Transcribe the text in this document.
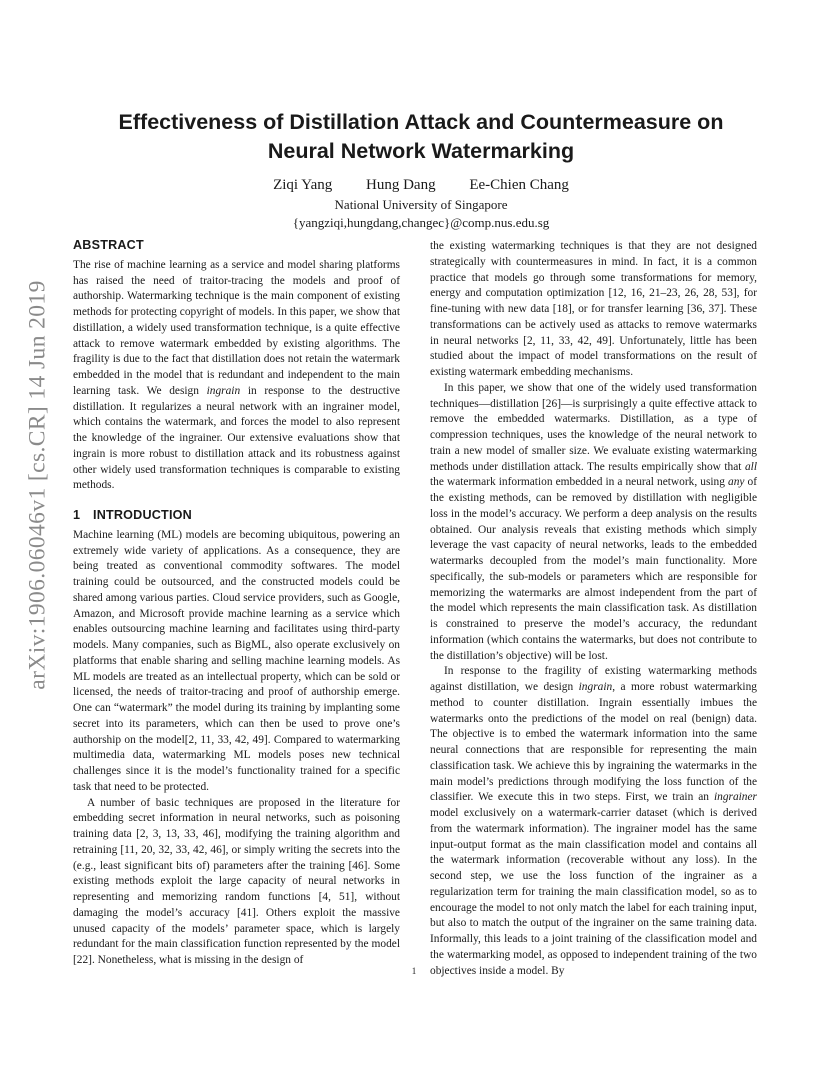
arXiv:1906.06046v1 [cs.CR] 14 Jun 2019
Effectiveness of Distillation Attack and Countermeasure on
Neural Network Watermarking
Ziqi Yang Hung Dang Ee-Chien Chang
National University of Singapore
{yangziqi,hungdang,changec}@comp.nus.edu.sg
ABSTRACT

The rise of machine learning as a service and model sharing platforms has raised the need of traitor-tracing the models and proof of authorship. Watermarking technique is the main component of existing methods for protecting copyright of models. In this paper, we show that distillation, a widely used transformation technique, is a quite effective attack to remove watermark embedded by existing algorithms. The fragility is due to the fact that distillation does not retain the watermark embedded in the model that is redundant and independent to the main learning task. We design ingrain in response to the destructive distillation. It regularizes a neural network with an ingrainer model, which contains the watermark, and forces the model to also represent the knowledge of the ingrainer. Our extensive evaluations show that ingrain is more robust to distillation attack and its robustness against other widely used transformation techniques is comparable to existing methods.

1 INTRODUCTION

Machine learning (ML) models are becoming ubiquitous, powering an extremely wide variety of applications. As a consequence, they are being treated as conventional commodity softwares. The model training could be outsourced, and the constructed models could be shared among various parties. Cloud service providers, such as Google, Amazon, and Microsoft provide machine learning as a service which enables outsourcing machine learning and facilitates using third-party models. Many companies, such as BigML, also operate exclusively on platforms that enable sharing and selling machine learning models. As ML models are treated as an intellectual property, which can be sold or licensed, the needs of traitor-tracing and proof of authorship emerge. One can “watermark” the model during its training by implanting some secret into its parameters, which can then be used to prove one’s authorship on the model[2, 11, 33, 42, 49]. Compared to watermarking multimedia data, watermarking ML models poses new technical challenges since it is the model’s functionality trained for a specific task that need to be protected.

A number of basic techniques are proposed in the literature for embedding secret information in neural networks, such as poisoning training data [2, 3, 13, 33, 46], modifying the training algorithm and retraining [11, 20, 32, 33, 42, 46], or simply writing the secrets into the (e.g., least significant bits of) parameters after the training [46]. Some existing methods exploit the large capacity of neural networks in representing and memorizing random functions [4, 51], without damaging the model’s accuracy [41]. Others exploit the massive unused capacity of the models’ parameter space, which is largely redundant for the main classification function represented by the model [22]. Nonetheless, what is missing in the design of

the existing watermarking techniques is that they are not designed strategically with countermeasures in mind. In fact, it is a common practice that models go through some transformations for memory, energy and computation optimization [12, 16, 21–23, 26, 28, 53], for fine-tuning with new data [18], or for transfer learning [36, 37]. These transformations can be actively used as attacks to remove watermarks in neural networks [2, 11, 33, 42, 49]. Unfortunately, little has been studied about the impact of model transformations on the result of existing watermark embedding mechanisms.

In this paper, we show that one of the widely used transformation techniques—distillation [26]—is surprisingly a quite effective attack to remove the embedded watermarks. Distillation, as a type of compression techniques, uses the knowledge of the neural network to train a new model of smaller size. We evaluate existing watermarking methods under distillation attack. The results empirically show that all the watermark information embedded in a neural network, using any of the existing methods, can be removed by distillation with negligible loss in the model’s accuracy. We perform a deep analysis on the results obtained. Our analysis reveals that existing methods which simply leverage the vast capacity of neural networks, leads to the embedded watermarks decoupled from the model’s main functionality. More specifically, the sub-models or parameters which are responsible for memorizing the watermarks are almost independent from the part of the model which represents the main classification task. As distillation is constrained to preserve the model’s accuracy, the redundant information (which contains the watermarks, but does not contribute to the distillation’s objective) will be lost.

In response to the fragility of existing watermarking methods against distillation, we design ingrain, a more robust watermarking method to counter distillation. Ingrain essentially imbues the watermarks onto the predictions of the model on real (benign) data. The objective is to embed the watermark information into the same neural connections that are responsible for representing the main classification task. We achieve this by ingraining the watermarks in the main model’s predictions through modifying the loss function of the classifier. We execute this in two steps. First, we train an ingrainer model exclusively on a watermark-carrier dataset (which is derived from the watermark information). The ingrainer model has the same input-output format as the main classification model and contains all the watermark information (recoverable without any loss). In the second step, we use the loss function of the ingrainer as a regularization term for training the main classification model, so as to encourage the model to not only match the label for each training input, but also to match the output of the ingrainer on the same training data. Informally, this leads to a joint training of the classification model and the watermarking model, as opposed to independent training of the two objectives inside a model. By

1
